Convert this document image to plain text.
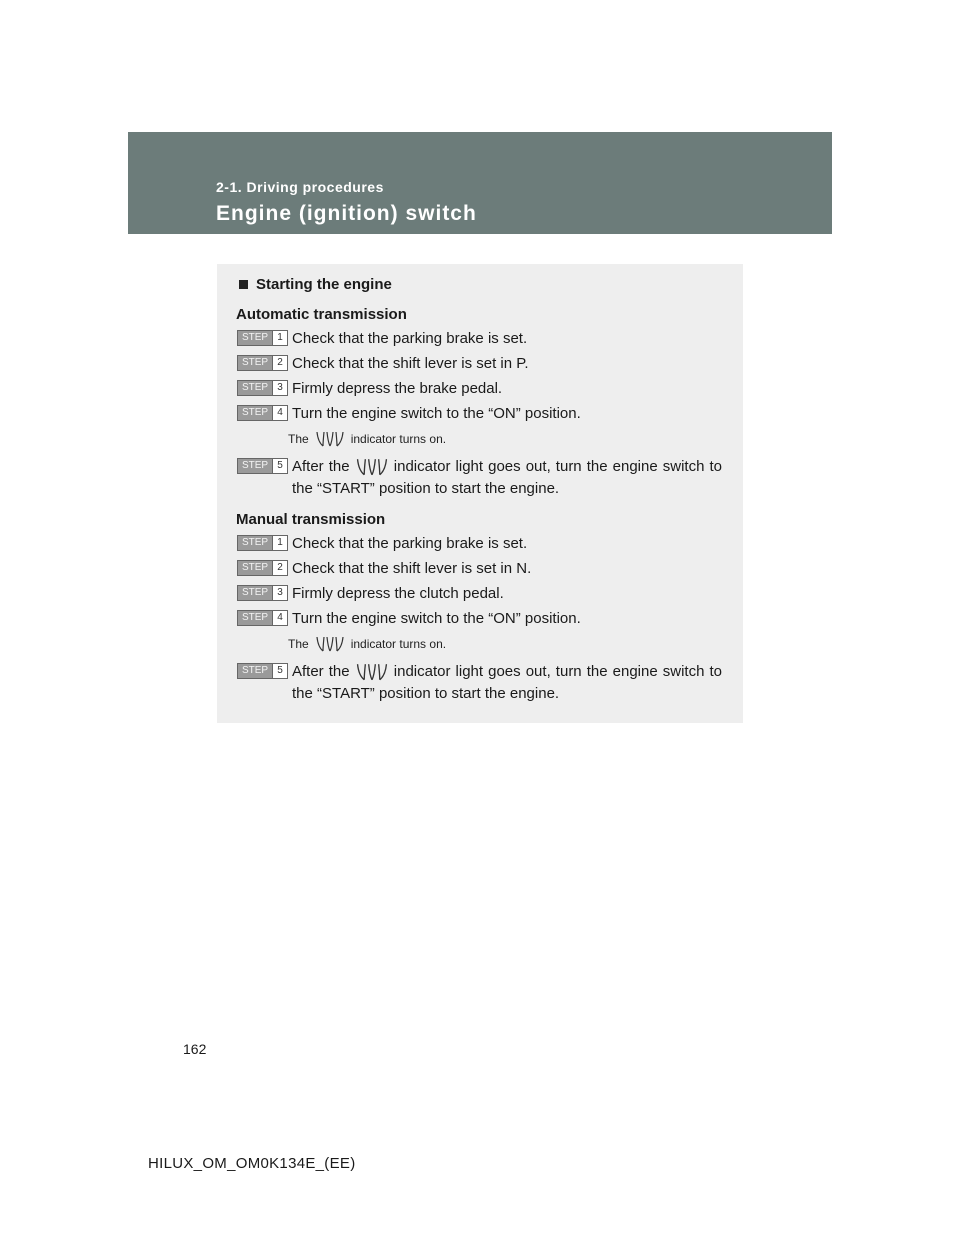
2-1. Driving procedures
Engine (ignition) switch
Starting the engine
Automatic transmission
STEP 1 Check that the parking brake is set.
STEP 2 Check that the shift lever is set in P.
STEP 3 Firmly depress the brake pedal.
STEP 4 Turn the engine switch to the “ON” position.
The	indicator turns on.
STEP 5 After the	indicator light goes out, turn the engine switch to the “START” position to start the engine.
Manual transmission
STEP 1 Check that the parking brake is set.
STEP 2 Check that the shift lever is set in N.
STEP 3 Firmly depress the clutch pedal.
STEP 4 Turn the engine switch to the “ON” position.
The	indicator turns on.
STEP 5 After the	indicator light goes out, turn the engine switch to the “START” position to start the engine.
162
HILUX_OM_OM0K134E_(EE)
